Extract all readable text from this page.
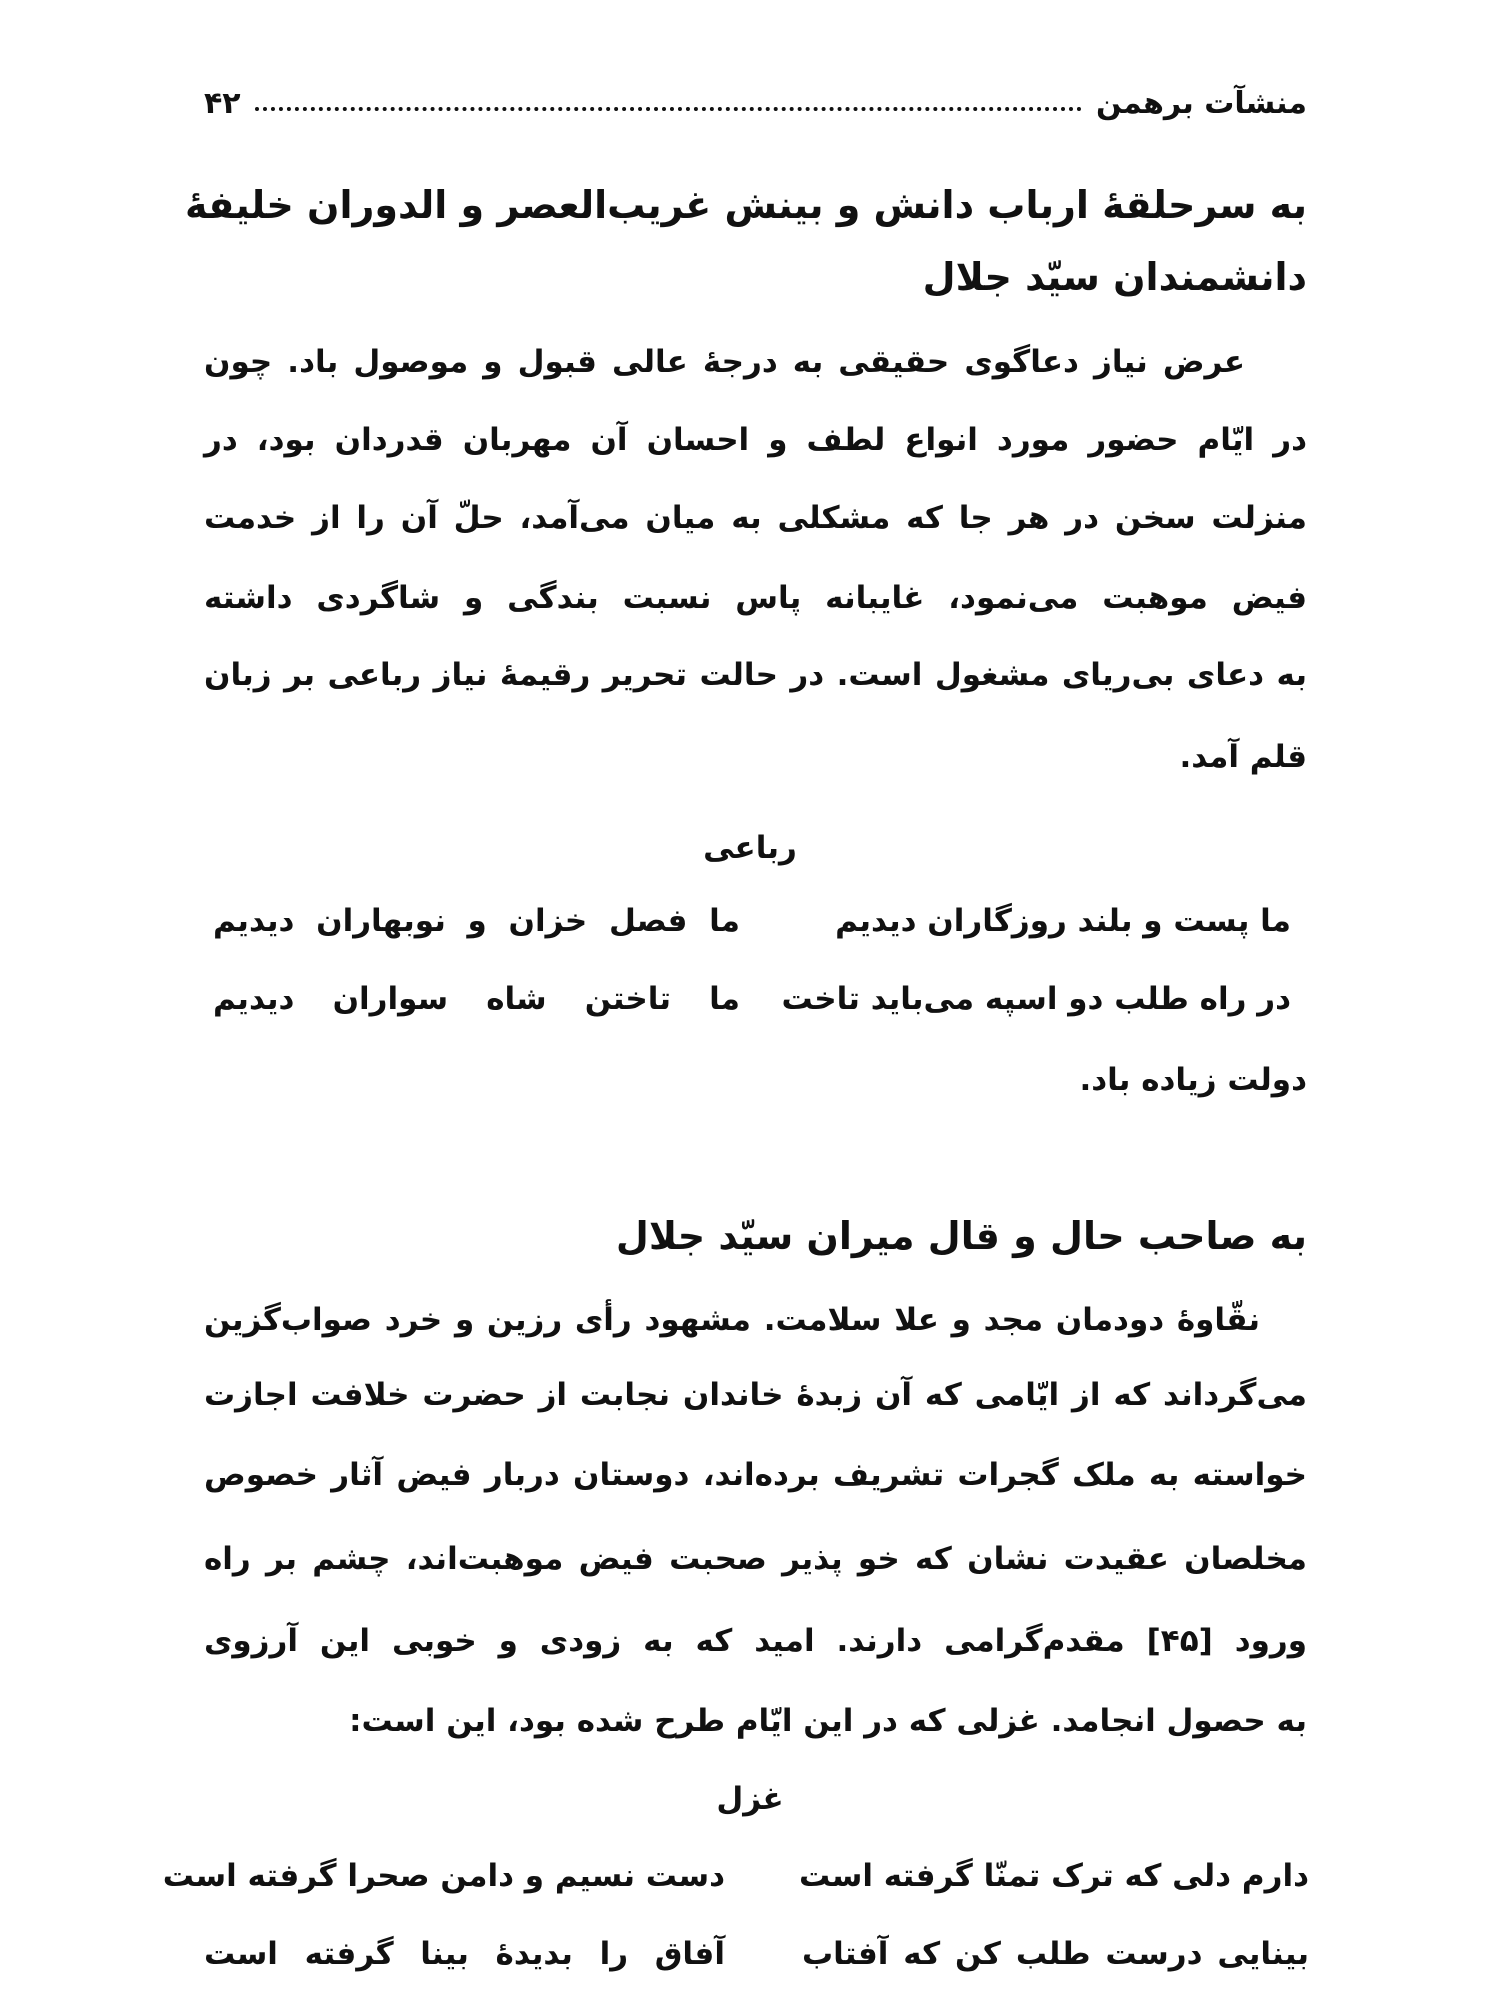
منشآت برهمن
۴۲
به سرحلقهٔ ارباب دانش و بینش غریب‌العصر و الدوران خلیفهٔ
دانشمندان سیّد جلال
عرض نیاز دعاگوی حقیقی به درجهٔ عالی قبول و موصول باد. چون
در ایّام حضور مورد انواع لطف و احسان آن مهربان قدردان بود، در
منزلت سخن در هر جا که مشکلی به میان می‌آمد، حلّ آن را از خدمت
فیض موهبت می‌نمود، غایبانه پاس نسبت بندگی و شاگردی داشته
به دعای بی‌ریای مشغول است. در حالت تحریر رقیمهٔ نیاز رباعی بر زبان
قلم آمد.
رباعی
ما پست و بلند روزگاران دیدیم
ما فصل خزان و نوبهاران دیدیم
در راه طلب دو اسپه می‌باید تاخت
ما تاختن شاه سواران دیدیم
دولت زیاده باد.
به صاحب حال و قال میران سیّد جلال
نقّاوهٔ دودمان مجد و علا سلامت. مشهود رأی رزین و خرد صواب‌گزین
می‌گرداند که از ایّامی که آن زبدهٔ خاندان نجابت از حضرت خلافت اجازت
خواسته به ملک گجرات تشریف برده‌اند، دوستان دربار فیض آثار خصوص
مخلصان عقیدت نشان که خو پذیر صحبت فیض موهبت‌اند، چشم بر راه
ورود [۴۵] مقدم‌گرامی دارند. امید که به زودی و خوبی این آرزوی
به حصول انجامد. غزلی که در این ایّام طرح شده بود، این است:
غزل
دارم دلی که ترک تمنّا گرفته است
دست نسیم و دامن صحرا گرفته است
بینایی درست طلب کن که آفتاب
آفاق را بدیدهٔ بینا گرفته است
